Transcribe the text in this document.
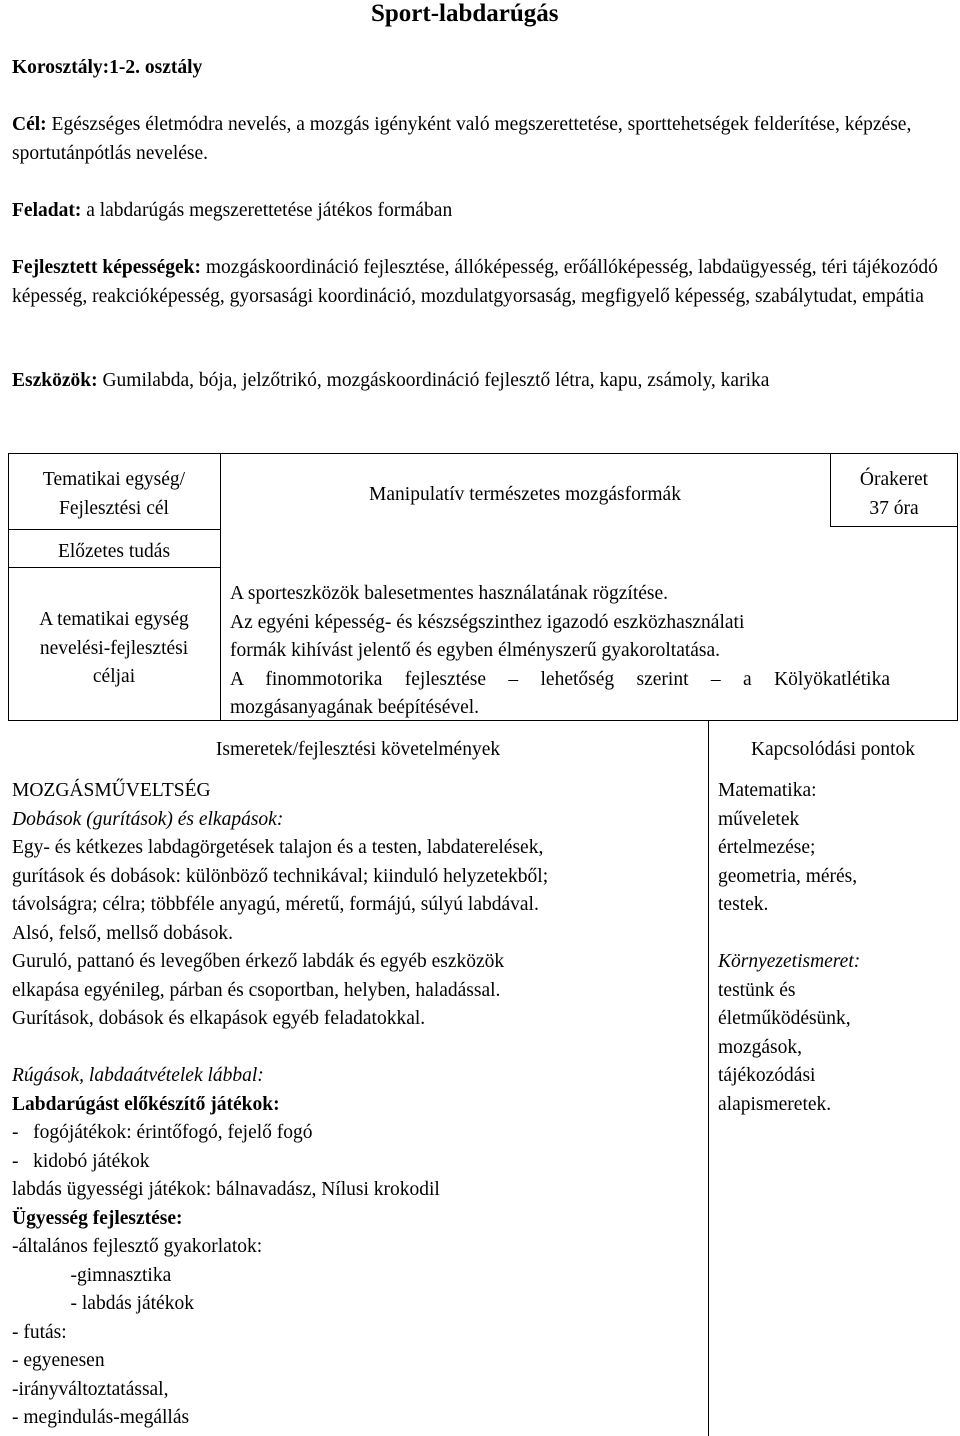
Sport-labdarúgás
Korosztály:1-2. osztály
Cél: Egészséges életmódra nevelés, a mozgás igényként való megszerettetése, sporttehetségek felderítése, képzése, sportutánpótlás nevelése.
Feladat: a labdarúgás megszerettetése játékos formában
Fejlesztett képességek: mozgáskoordináció fejlesztése, állóképesség, erőállóképesség, labdaügyesség, téri tájékozódó képesség, reakcióképesség, gyorsasági koordináció, mozdulatgyorsaság, megfigyelő képesség, szabálytudat, empátia
Eszközök: Gumilabda, bója, jelzőtrikó, mozgáskoordináció fejlesztő létra, kapu, zsámoly, karika
Tematikai egység/
Fejlesztési cél
Manipulatív természetes mozgásformák
Órakeret
37 óra
Előzetes tudás
A tematikai egység
nevelési-fejlesztési
céljai
A sporteszközök balesetmentes használatának rögzítése.
Az egyéni képesség- és készségszinthez igazodó eszközhasználati
formák kihívást jelentő és egyben élményszerű gyakoroltatása.
A finommotorika fejlesztése – lehetőség szerint – a Kölyökatlétika
mozgásanyagának beépítésével.
Ismeretek/fejlesztési követelmények	Kapcsolódási pontok
MOZGÁSMŰVELTSÉG
Dobások (gurítások) és elkapások:
Egy- és kétkezes labdagörgetések talajon és a testen, labdaterelések,
gurítások és dobások: különböző technikával; kiinduló helyzetekből;
távolságra; célra; többféle anyagú, méretű, formájú, súlyú labdával.
Alsó, felső, mellső dobások.
Guruló, pattanó és levegőben érkező labdák és egyéb eszközök
elkapása egyénileg, párban és csoportban, helyben, haladással.
Gurítások, dobások és elkapások egyéb feladatokkal.
Rúgások, labdaátvételek lábbal:
Labdarúgást előkészítő játékok:
-   fogójátékok: érintőfogó, fejelő fogó
-   kidobó játékok
labdás ügyességi játékok: bálnavadász, Nílusi krokodil
Ügyesség fejlesztése:
-általános fejlesztő gyakorlatok:
-gimnasztika
- labdás játékok
- futás:
- egyenesen
-irányváltoztatással,
- megindulás-megállás
Matematika:
műveletek
értelmezése;
geometria, mérés,
testek.
Környezetismeret:
testünk és
életműködésünk,
mozgások,
tájékozódási
alapismeretek.
